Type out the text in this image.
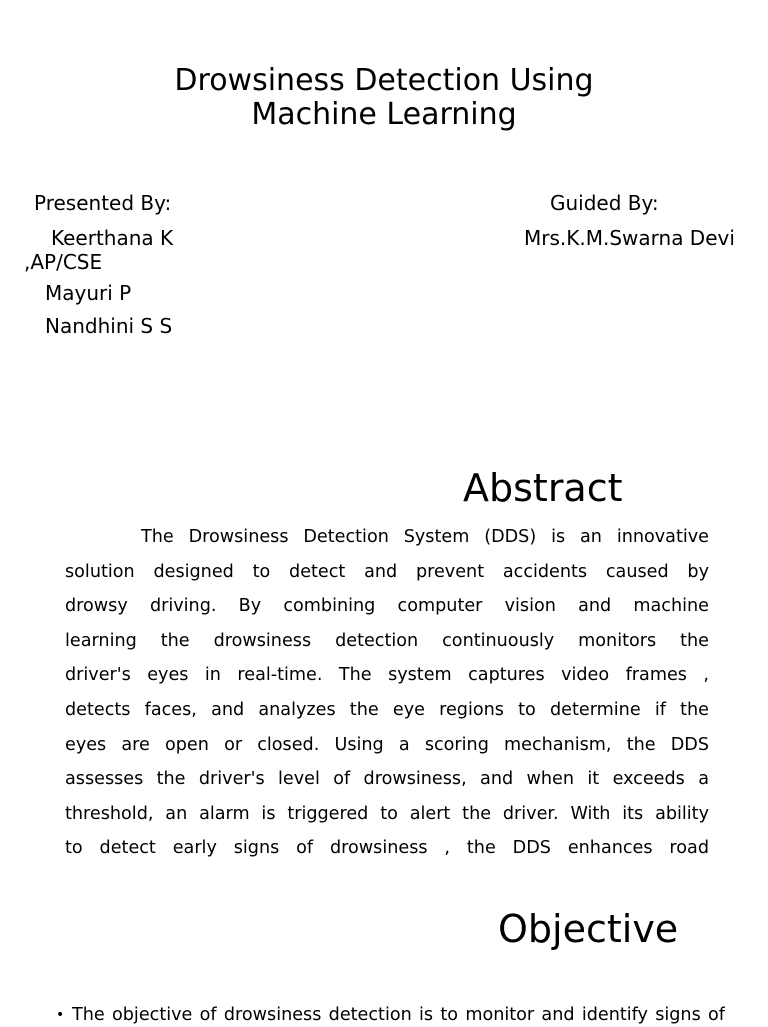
Drowsiness Detection Using
Machine Learning
Presented By:
Keerthana K
Mayuri P
Nandhini S S
Guided By:
Mrs.K.M.Swarna Devi
,AP/CSE
Abstract
The Drowsiness Detection System (DDS) is an innovative
solution designed to detect and prevent accidents caused by
drowsy driving. By combining computer vision and machine
learning the drowsiness detection continuously monitors the
driver's eyes in real-time. The system captures video frames ,
detects faces, and analyzes the eye regions to determine if the
eyes are open or closed. Using a scoring mechanism, the DDS
assesses the driver's level of drowsiness, and when it exceeds a
threshold, an alarm is triggered to alert the driver. With its ability
to detect early signs of drowsiness , the DDS enhances road
Objective
• The objective of drowsiness detection is to monitor and identify signs of
